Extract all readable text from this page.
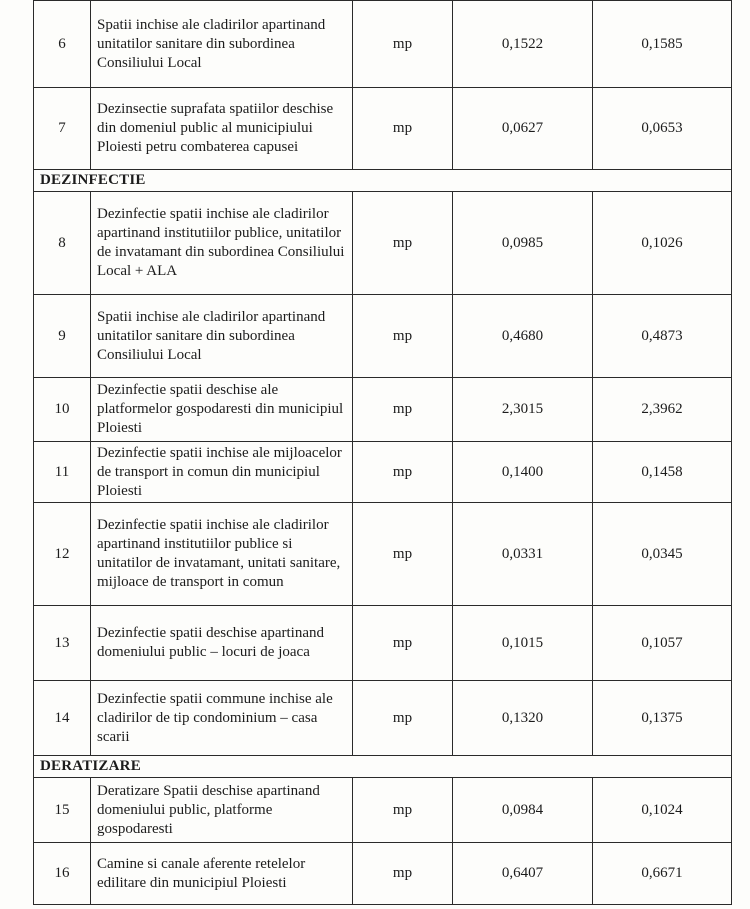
6	Spatii inchise ale cladirilor apartinand unitatilor sanitare din subordinea Consiliului Local	mp	0,1522	0,1585
7	Dezinsectie suprafata spatiilor deschise din domeniul public al municipiului Ploiesti petru combaterea capusei	mp	0,0627	0,0653
DEZINFECTIE				
8	Dezinfectie spatii inchise ale cladirilor apartinand institutiilor publice, unitatilor de invatamant din subordinea Consiliului Local + ALA	mp	0,0985	0,1026
9	Spatii inchise ale cladirilor apartinand unitatilor sanitare din subordinea Consiliului Local	mp	0,4680	0,4873
10	Dezinfectie spatii deschise ale platformelor gospodaresti din municipiul Ploiesti	mp	2,3015	2,3962
11	Dezinfectie spatii inchise ale mijloacelor de transport in comun din municipiul Ploiesti	mp	0,1400	0,1458
12	Dezinfectie spatii inchise ale cladirilor apartinand institutiilor publice si unitatilor de invatamant, unitati sanitare, mijloace de transport in comun	mp	0,0331	0,0345
13	Dezinfectie spatii deschise apartinand domeniului public – locuri de joaca	mp	0,1015	0,1057
14	Dezinfectie spatii commune inchise ale cladirilor de tip condominium – casa scarii	mp	0,1320	0,1375
DERATIZARE				
15	Deratizare Spatii deschise apartinand domeniului public, platforme gospodaresti	mp	0,0984	0,1024
16	Camine si canale aferente retelelor edilitare din municipiul Ploiesti	mp	0,6407	0,6671
